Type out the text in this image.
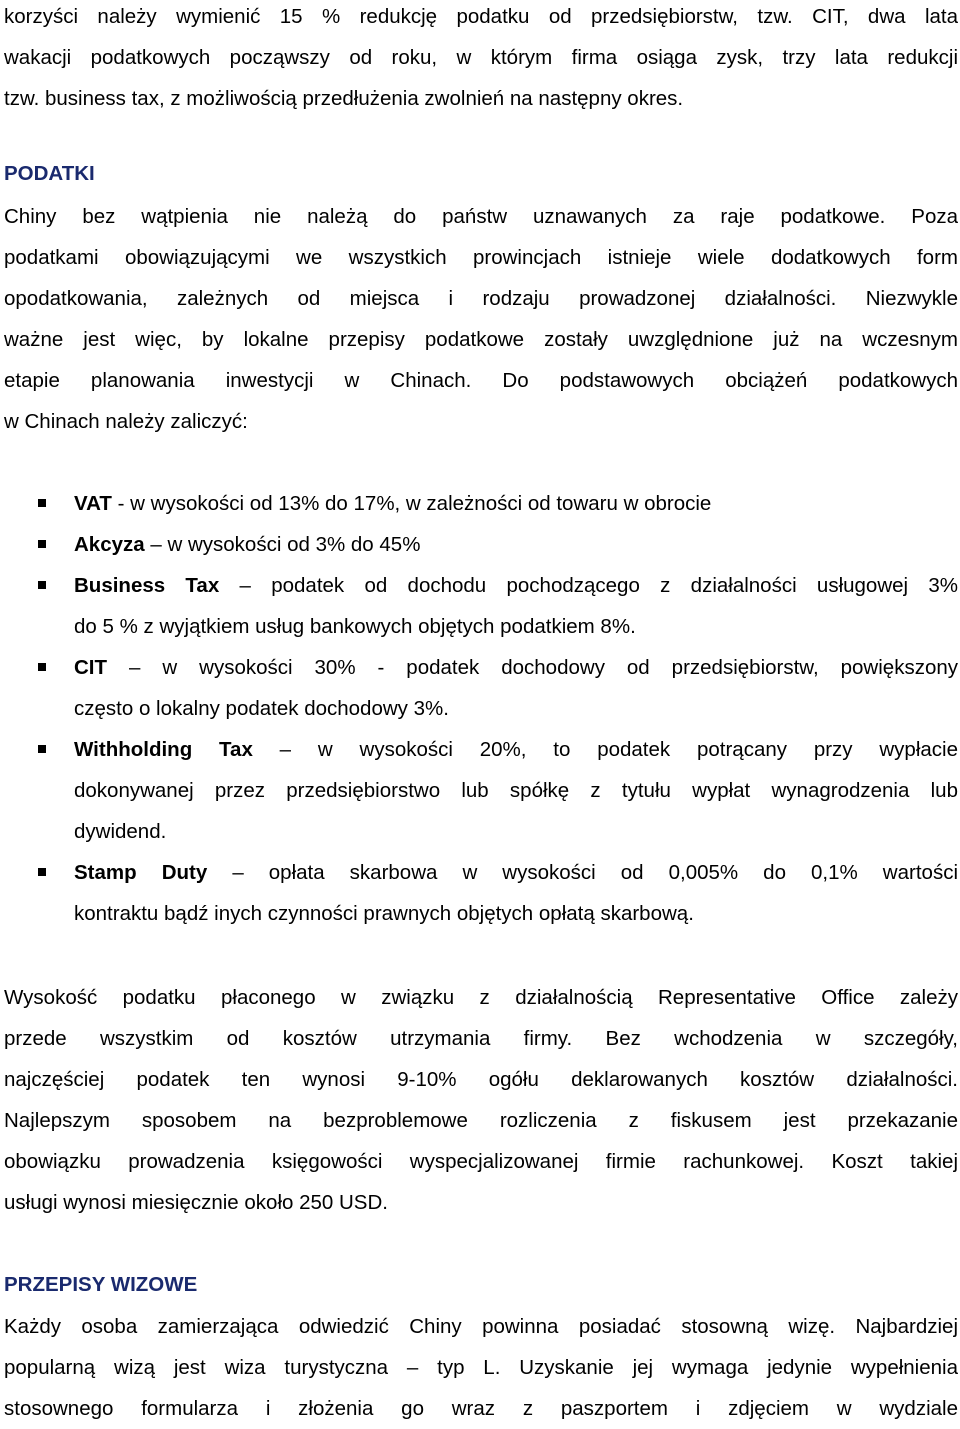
korzyści należy wymienić 15 % redukcję podatku od przedsiębiorstw, tzw. CIT, dwa lata
wakacji podatkowych począwszy od roku, w którym firma osiąga zysk, trzy lata redukcji
tzw. business tax, z możliwością przedłużenia zwolnień na następny okres.
PODATKI
Chiny bez wątpienia nie należą do państw uznawanych za raje podatkowe. Poza
podatkami obowiązującymi we wszystkich prowincjach istnieje wiele dodatkowych form
opodatkowania, zależnych od miejsca i rodzaju prowadzonej działalności. Niezwykle
ważne jest więc, by lokalne przepisy podatkowe zostały uwzględnione już na wczesnym
etapie planowania inwestycji w Chinach. Do podstawowych obciążeń podatkowych
w Chinach należy zaliczyć:
VAT - w wysokości od 13% do 17%, w zależności od towaru w obrocie
Akcyza – w wysokości od 3% do 45%
Business Tax – podatek od dochodu pochodzącego z działalności usługowej 3%
do 5 % z wyjątkiem usług bankowych objętych podatkiem 8%.
CIT – w wysokości 30% - podatek dochodowy od przedsiębiorstw, powiększony
często o lokalny podatek dochodowy 3%.
Withholding Tax – w wysokości 20%, to podatek potrącany przy wypłacie
dokonywanej przez przedsiębiorstwo lub spółkę z tytułu wypłat wynagrodzenia lub
dywidend.
Stamp Duty – opłata skarbowa w wysokości od 0,005% do 0,1% wartości
kontraktu bądź inych czynności prawnych objętych opłatą skarbową.
Wysokość podatku płaconego w związku z działalnością Representative Office zależy
przede wszystkim od kosztów utrzymania firmy. Bez wchodzenia w szczegóły,
najczęściej podatek ten wynosi 9-10% ogółu deklarowanych kosztów działalności.
Najlepszym sposobem na bezproblemowe rozliczenia z fiskusem jest przekazanie
obowiązku prowadzenia księgowości wyspecjalizowanej firmie rachunkowej. Koszt takiej
usługi wynosi miesięcznie około 250 USD.
PRZEPISY WIZOWE
Każdy osoba zamierzająca odwiedzić Chiny powinna posiadać stosowną wizę. Najbardziej
popularną wizą jest wiza turystyczna – typ L. Uzyskanie jej wymaga jedynie wypełnienia
stosownego formularza i złożenia go wraz z paszportem i zdjęciem w wydziale
